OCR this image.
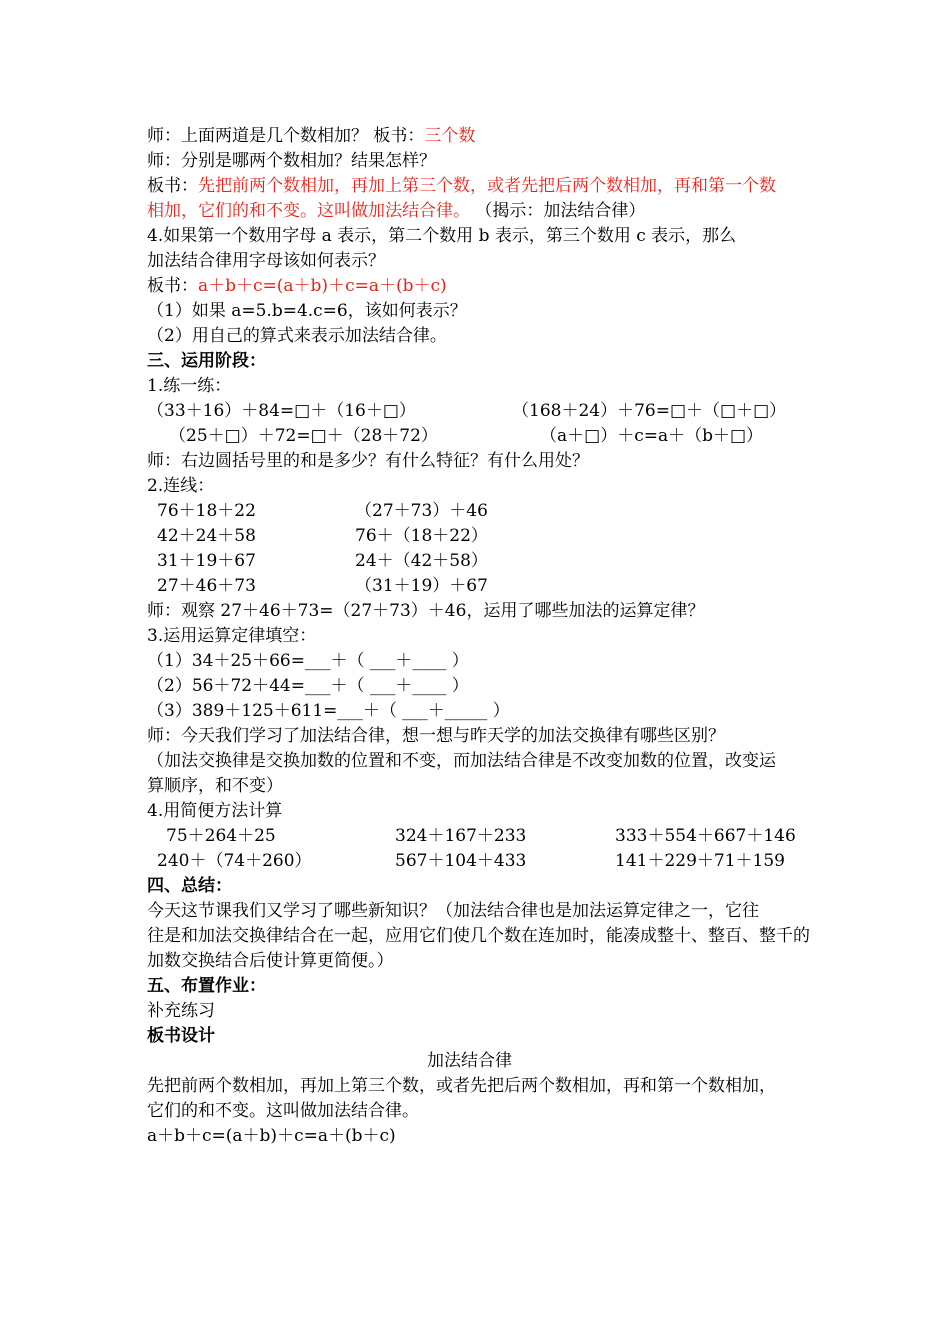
师：上面两道是几个数相加？ 板书：三个数
师：分别是哪两个数相加？结果怎样？
板书：先把前两个数相加，再加上第三个数，或者先把后两个数相加，再和第一个数
相加，它们的和不变。这叫做加法结合律。 （揭示：加法结合律）
4.如果第一个数用字母 a 表示，第二个数用 b 表示，第三个数用 c 表示，那么
加法结合律用字母该如何表示？
板书：a＋b＋c=(a＋b)＋c=a＋(b＋c)
（1）如果 a=5.b=4.c=6，该如何表示？
（2）用自己的算式来表示加法结合律。
三、运用阶段：
1.练一练：
（33＋16）＋84=□＋（16＋□）	（168＋24）＋76=□＋（□＋□）
（25＋□）＋72=□＋（28＋72）	（a＋□）＋c=a＋（b＋□）
师：右边圆括号里的和是多少？有什么特征？有什么用处？
2.连线：
76＋18＋22	（27＋73）＋46
42＋24＋58	76＋（18＋22）
31＋19＋67	24＋（42＋58）
27＋46＋73	（31＋19）＋67
师：观察 27＋46＋73=（27＋73）＋46，运用了哪些加法的运算定律？
3.运用运算定律填空：
（1）34＋25＋66=___＋（ ___＋____ ）
（2）56＋72＋44=___＋（ ___＋____ ）
（3）389＋125＋611=___＋（ ___＋_____ ）
师：今天我们学习了加法结合律，想一想与昨天学的加法交换律有哪些区别？
（加法交换律是交换加数的位置和不变，而加法结合律是不改变加数的位置，改变运
算顺序，和不变）
4.用简便方法计算
75＋264＋25	324＋167＋233	333＋554＋667＋146
240＋（74＋260）	567＋104＋433	141＋229＋71＋159
四、总结：
今天这节课我们又学习了哪些新知识？（加法结合律也是加法运算定律之一，它往
往是和加法交换律结合在一起，应用它们使几个数在连加时，能凑成整十、整百、整千的
加数交换结合后使计算更简便。）
五、布置作业：
补充练习
板书设计
加法结合律
先把前两个数相加，再加上第三个数，或者先把后两个数相加，再和第一个数相加，
它们的和不变。这叫做加法结合律。
a＋b＋c=(a＋b)＋c=a＋(b＋c)
